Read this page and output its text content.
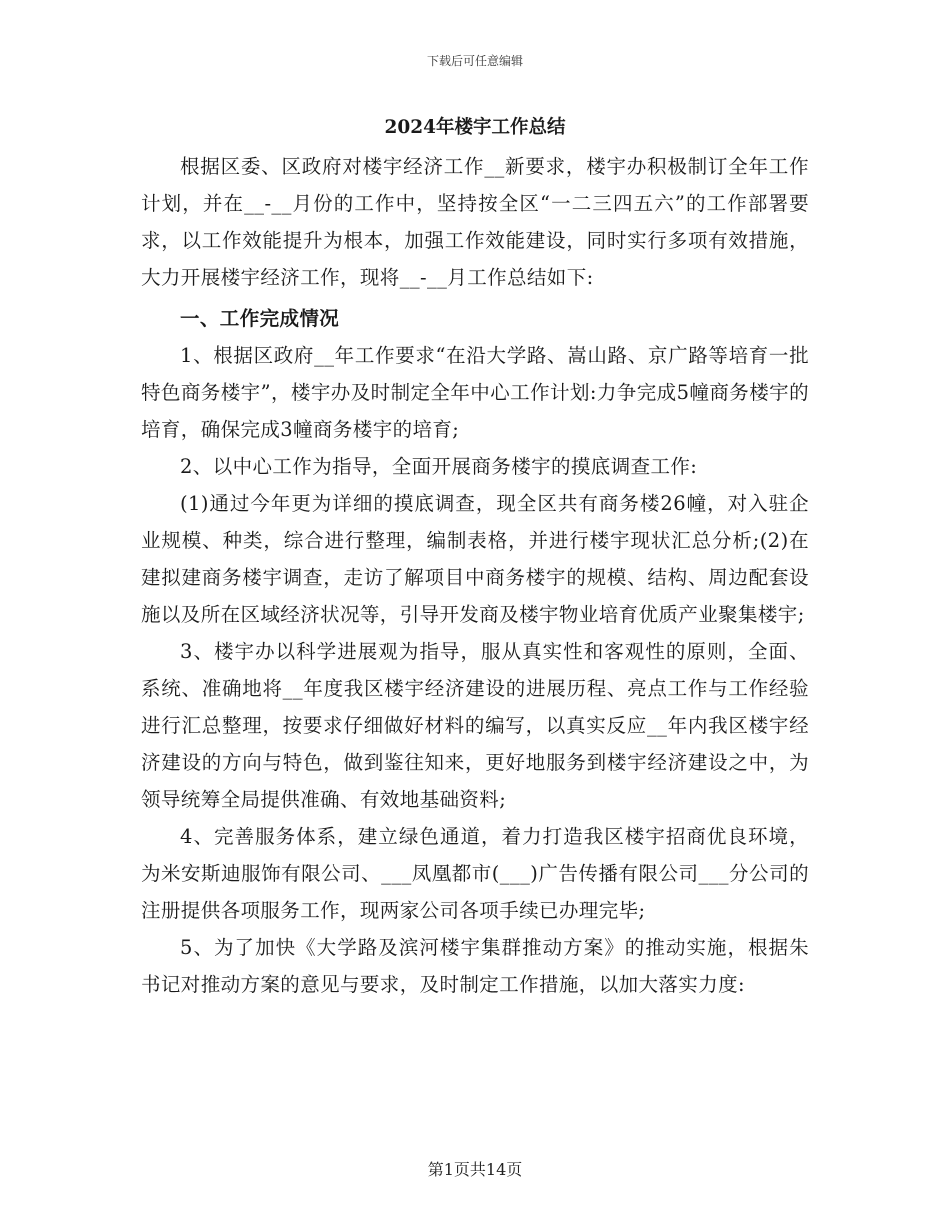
下载后可任意编辑

2024年楼宇工作总结

根据区委、区政府对楼宇经济工作__新要求，楼宇办积极制订全年工作计划，并在__-__月份的工作中，坚持按全区“一二三四五六”的工作部署要求，以工作效能提升为根本，加强工作效能建设，同时实行多项有效措施，大力开展楼宇经济工作，现将__-__月工作总结如下:

一、工作完成情况

1、根据区政府__年工作要求“在沿大学路、嵩山路、京广路等培育一批特色商务楼宇”，楼宇办及时制定全年中心工作计划:力争完成5幢商务楼宇的培育，确保完成3幢商务楼宇的培育;

2、以中心工作为指导，全面开展商务楼宇的摸底调查工作:

(1)通过今年更为详细的摸底调查，现全区共有商务楼26幢，对入驻企业规模、种类，综合进行整理，编制表格，并进行楼宇现状汇总分析;(2)在建拟建商务楼宇调查，走访了解项目中商务楼宇的规模、结构、周边配套设施以及所在区域经济状况等，引导开发商及楼宇物业培育优质产业聚集楼宇;

3、楼宇办以科学进展观为指导，服从真实性和客观性的原则，全面、系统、准确地将__年度我区楼宇经济建设的进展历程、亮点工作与工作经验进行汇总整理，按要求仔细做好材料的编写，以真实反应__年内我区楼宇经济建设的方向与特色，做到鉴往知来，更好地服务到楼宇经济建设之中，为领导统筹全局提供准确、有效地基础资料;

4、完善服务体系，建立绿色通道，着力打造我区楼宇招商优良环境，为米安斯迪服饰有限公司、___凤凰都市(___)广告传播有限公司___分公司的注册提供各项服务工作，现两家公司各项手续已办理完毕;

5、为了加快《大学路及滨河楼宇集群推动方案》的推动实施，根据朱书记对推动方案的意见与要求，及时制定工作措施，以加大落实力度:

第1页共14页
